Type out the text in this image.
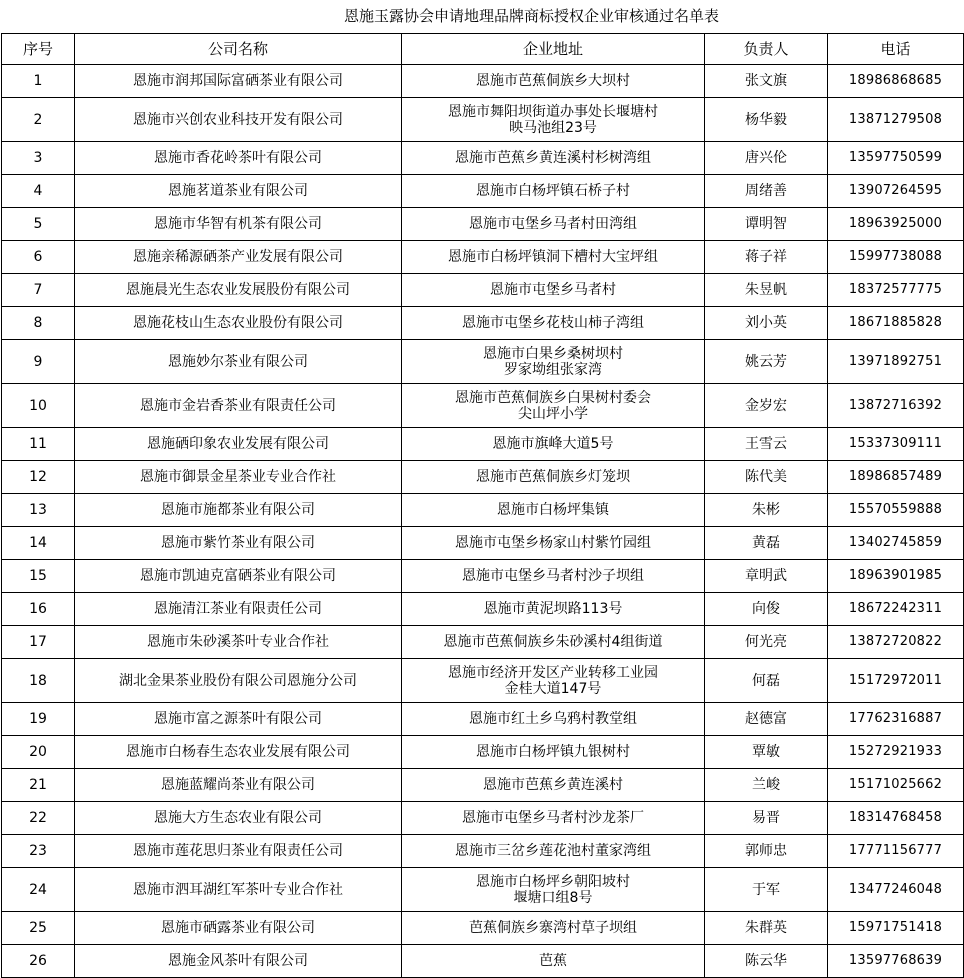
恩施玉露协会申请地理品牌商标授权企业审核通过名单表
序号	公司名称	企业地址	负责人	电话
1	恩施市润邦国际富硒茶业有限公司	恩施市芭蕉侗族乡大坝村	张文旗	18986868685
2	恩施市兴创农业科技开发有限公司	恩施市舞阳坝街道办事处长堰塘村
映马池组23号	杨华毅	13871279508
3	恩施市香花岭茶叶有限公司	恩施市芭蕉乡黄连溪村杉树湾组	唐兴伦	13597750599
4	恩施茗道茶业有限公司	恩施市白杨坪镇石桥子村	周绪善	13907264595
5	恩施市华智有机茶有限公司	恩施市屯堡乡马者村田湾组	谭明智	18963925000
6	恩施亲稀源硒茶产业发展有限公司	恩施市白杨坪镇洞下槽村大宝坪组	蒋子祥	15997738088
7	恩施晨光生态农业发展股份有限公司	恩施市屯堡乡马者村	朱昱帆	18372577775
8	恩施花枝山生态农业股份有限公司	恩施市屯堡乡花枝山柿子湾组	刘小英	18671885828
9	恩施妙尔茶业有限公司	恩施市白果乡桑树坝村
罗家坳组张家湾	姚云芳	13971892751
10	恩施市金岩香茶业有限责任公司	恩施市芭蕉侗族乡白果树村委会
尖山坪小学	金岁宏	13872716392
11	恩施硒印象农业发展有限公司	恩施市旗峰大道5号	王雪云	15337309111
12	恩施市御景金星茶业专业合作社	恩施市芭蕉侗族乡灯笼坝	陈代美	18986857489
13	恩施市施都茶业有限公司	恩施市白杨坪集镇	朱彬	15570559888
14	恩施市紫竹茶业有限公司	恩施市屯堡乡杨家山村紫竹园组	黄磊	13402745859
15	恩施市凯迪克富硒茶业有限公司	恩施市屯堡乡马者村沙子坝组	章明武	18963901985
16	恩施清江茶业有限责任公司	恩施市黄泥坝路113号	向俊	18672242311
17	恩施市朱砂溪茶叶专业合作社	恩施市芭蕉侗族乡朱砂溪村4组街道	何光亮	13872720822
18	湖北金果茶业股份有限公司恩施分公司	恩施市经济开发区产业转移工业园
金桂大道147号	何磊	15172972011
19	恩施市富之源茶叶有限公司	恩施市红土乡乌鸦村教堂组	赵德富	17762316887
20	恩施市白杨春生态农业发展有限公司	恩施市白杨坪镇九银树村	覃敏	15272921933
21	恩施蓝耀尚茶业有限公司	恩施市芭蕉乡黄连溪村	兰峻	15171025662
22	恩施大方生态农业有限公司	恩施市屯堡乡马者村沙龙茶厂	易晋	18314768458
23	恩施市莲花思归茶业有限责任公司	恩施市三岔乡莲花池村董家湾组	郭师忠	17771156777
24	恩施市泗耳湖红军茶叶专业合作社	恩施市白杨坪乡朝阳坡村
堰塘口组8号	于军	13477246048
25	恩施市硒露茶业有限公司	芭蕉侗族乡寨湾村草子坝组	朱群英	15971751418
26	恩施金风茶叶有限公司	芭蕉	陈云华	13597768639
